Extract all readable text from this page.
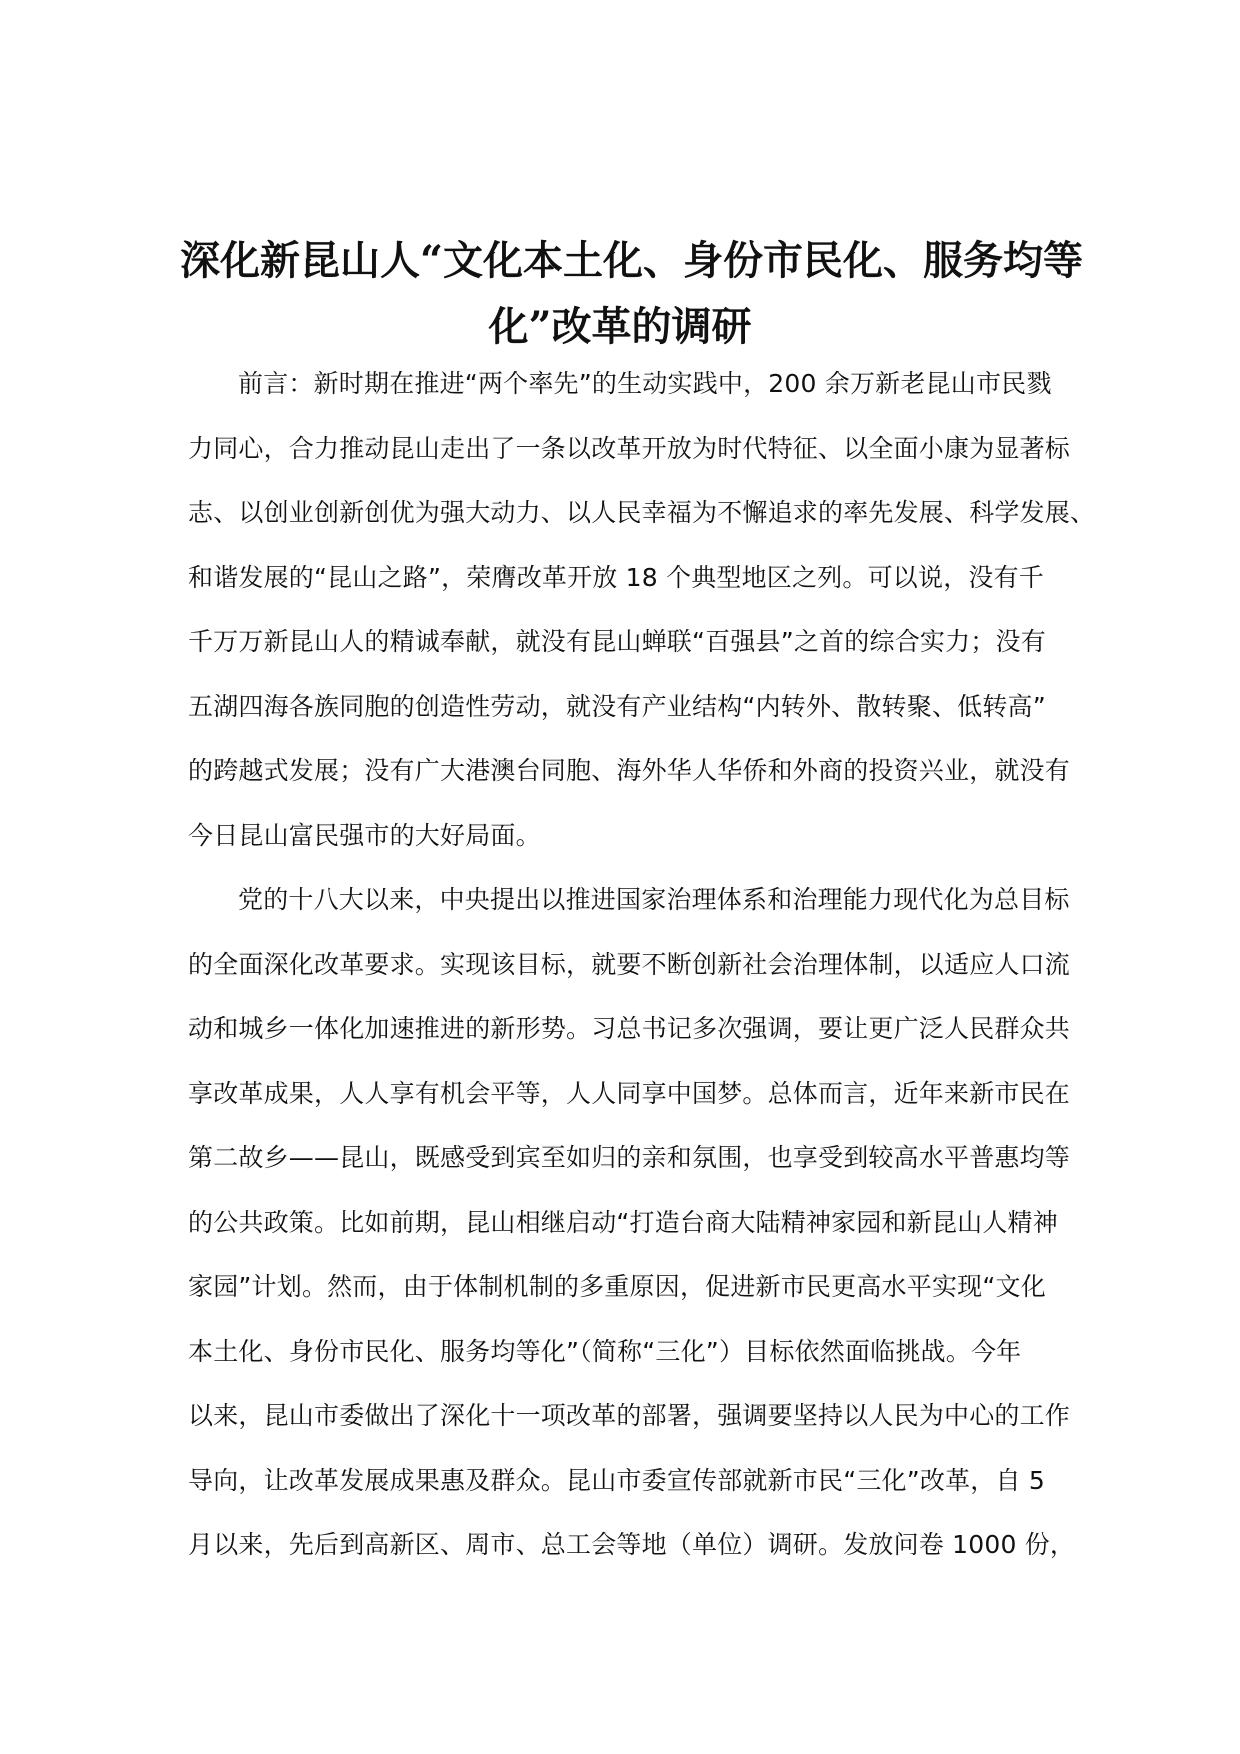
深化新昆山人“文化本土化、身份市民化、服务均等
化”改革的调研
前言：新时期在推进“两个率先”的生动实践中，200 余万新老昆山市民戮
力同心，合力推动昆山走出了一条以改革开放为时代特征、以全面小康为显著标
志、以创业创新创优为强大动力、以人民幸福为不懈追求的率先发展、科学发展、
和谐发展的“昆山之路”，荣膺改革开放 18 个典型地区之列。可以说，没有千
千万万新昆山人的精诚奉献，就没有昆山蝉联“百强县”之首的综合实力；没有
五湖四海各族同胞的创造性劳动，就没有产业结构“内转外、散转聚、低转高”
的跨越式发展；没有广大港澳台同胞、海外华人华侨和外商的投资兴业，就没有
今日昆山富民强市的大好局面。
党的十八大以来，中央提出以推进国家治理体系和治理能力现代化为总目标
的全面深化改革要求。实现该目标，就要不断创新社会治理体制，以适应人口流
动和城乡一体化加速推进的新形势。习总书记多次强调，要让更广泛人民群众共
享改革成果，人人享有机会平等，人人同享中国梦。总体而言，近年来新市民在
第二故乡——昆山，既感受到宾至如归的亲和氛围，也享受到较高水平普惠均等
的公共政策。比如前期，昆山相继启动“打造台商大陆精神家园和新昆山人精神
家园”计划。然而，由于体制机制的多重原因，促进新市民更高水平实现“文化
本土化、身份市民化、服务均等化”（简称“三化”）目标依然面临挑战。今年
以来，昆山市委做出了深化十一项改革的部署，强调要坚持以人民为中心的工作
导向，让改革发展成果惠及群众。昆山市委宣传部就新市民“三化”改革，自 5
月以来，先后到高新区、周市、总工会等地（单位）调研。发放问卷 1000 份，
